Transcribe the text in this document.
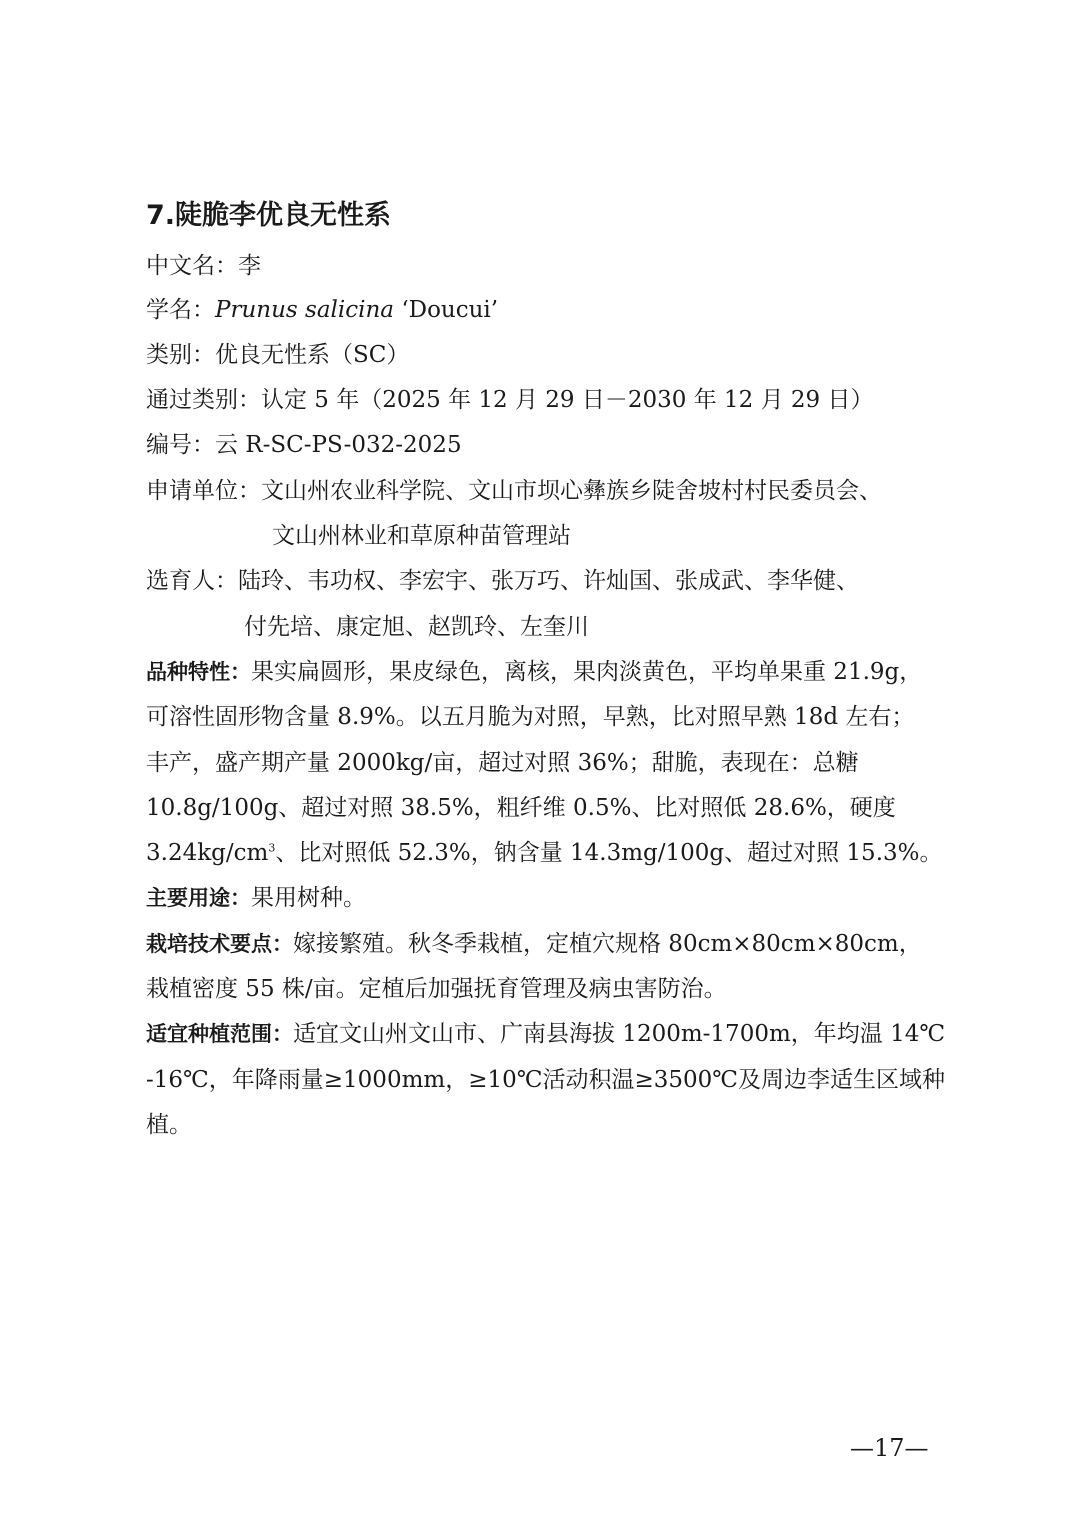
7.陡脆李优良无性系
中文名：李
学名：Prunus salicina ‘Doucui’
类别：优良无性系（SC）
通过类别：认定 5 年（2025 年 12 月 29 日－2030 年 12 月 29 日）
编号：云 R-SC-PS-032-2025
申请单位：文山州农业科学院、文山市坝心彝族乡陡舍坡村村民委员会、
文山州林业和草原种苗管理站
选育人：陆玲、韦功权、李宏宇、张万巧、许灿国、张成武、李华健、
付先培、康定旭、赵凯玲、左奎川
品种特性：果实扁圆形，果皮绿色，离核，果肉淡黄色，平均单果重 21.9g，
可溶性固形物含量 8.9%。以五月脆为对照，早熟，比对照早熟 18d 左右；
丰产，盛产期产量 2000kg/亩，超过对照 36%；甜脆，表现在：总糖
10.8g/100g、超过对照 38.5%，粗纤维 0.5%、比对照低 28.6%，硬度
$3.24kg/cm^3$、比对照低 52.3%，钠含量 14.3mg/100g、超过对照 15.3%。
主要用途：果用树种。
栽培技术要点：嫁接繁殖。秋冬季栽植，定植穴规格 80cm×80cm×80cm，
栽植密度 55 株/亩。定植后加强抚育管理及病虫害防治。
适宜种植范围：适宜文山州文山市、广南县海拔 1200m-1700m，年均温 14℃
-16℃，年降雨量≥1000mm，≥10℃活动积温≥3500℃及周边李适生区域种
植。
—17—
